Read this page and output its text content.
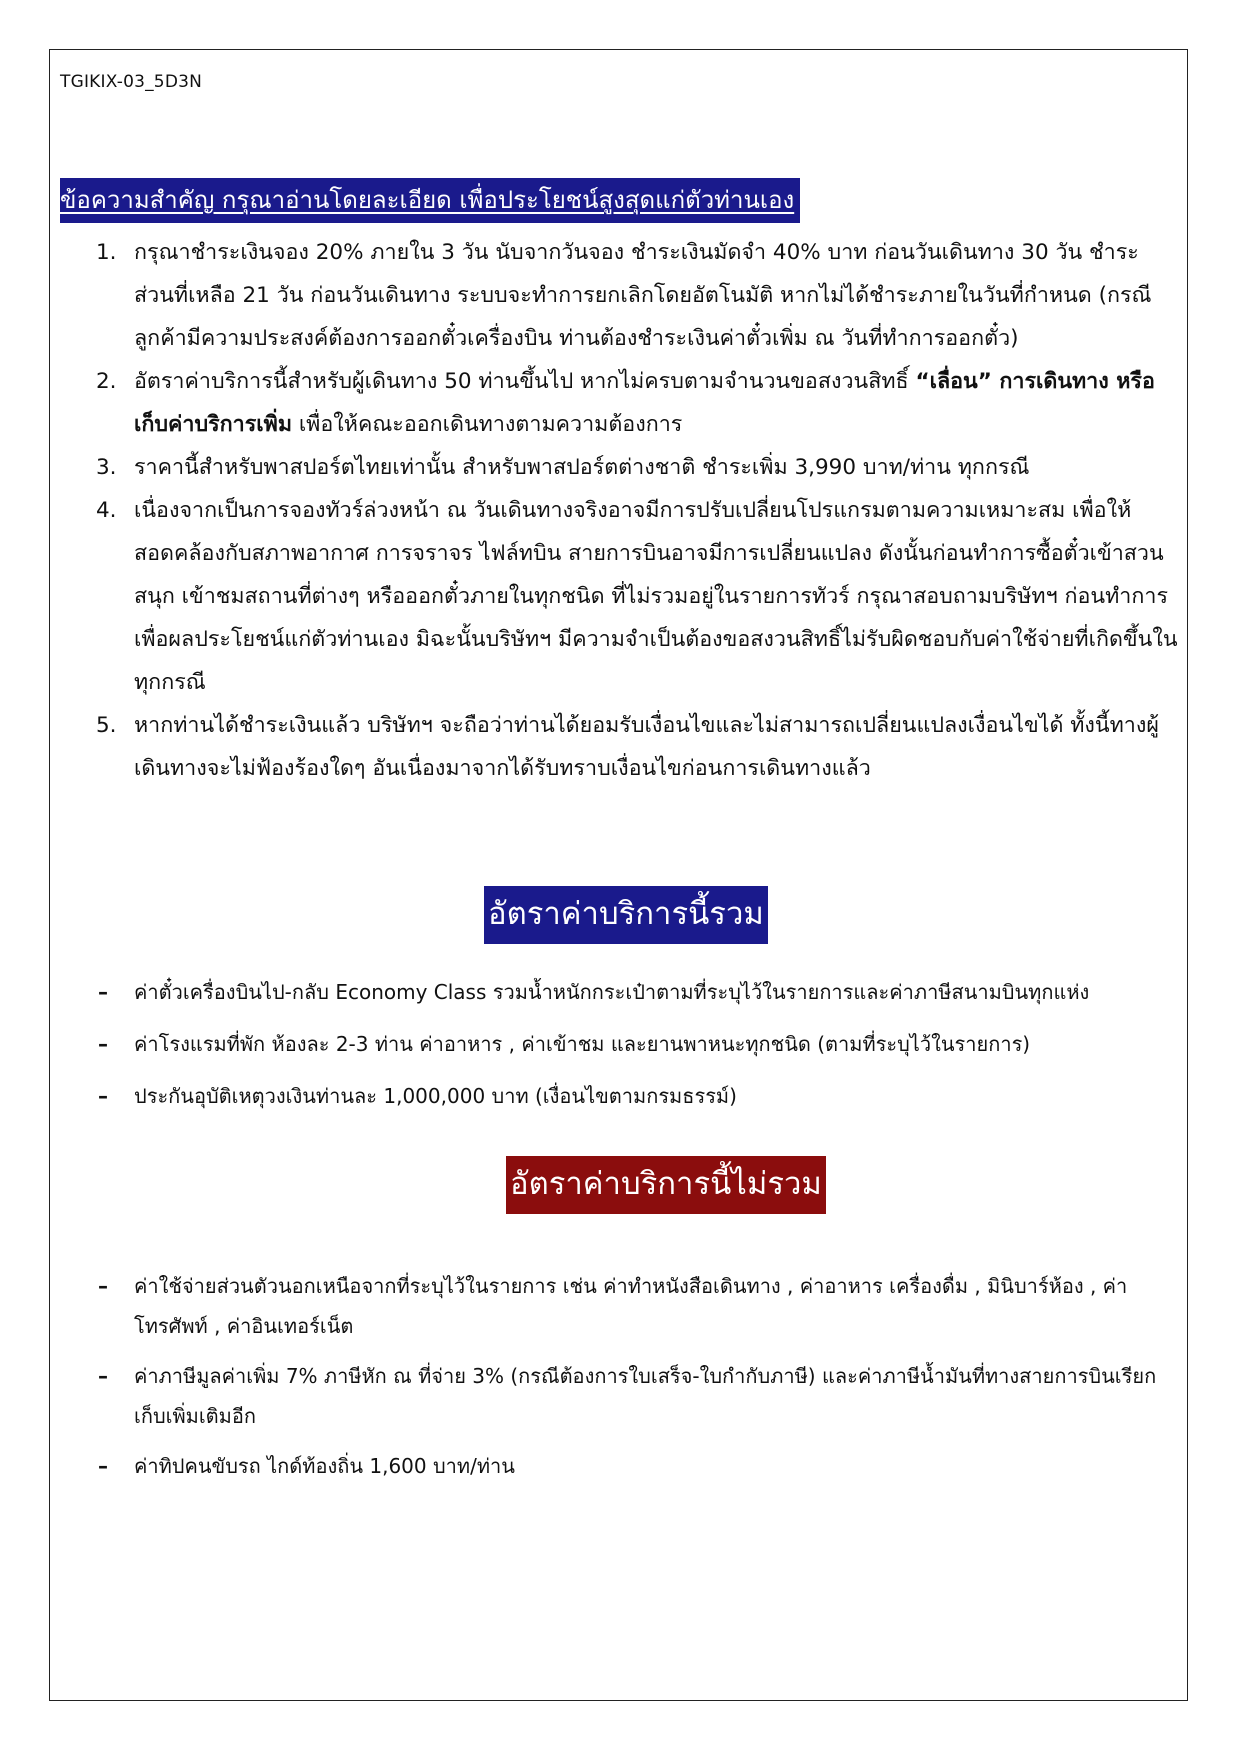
TGIKIX-03_5D3N
ข้อความสำคัญ กรุณาอ่านโดยละเอียด เพื่อประโยชน์สูงสุดแก่ตัวท่านเอง
1. กรุณาชำระเงินจอง 20% ภายใน 3 วัน นับจากวันจอง ชำระเงินมัดจำ 40% บาท ก่อนวันเดินทาง 30 วัน ชำระส่วนที่เหลือ 21 วัน ก่อนวันเดินทาง ระบบจะทำการยกเลิกโดยอัตโนมัติ หากไม่ได้ชำระภายในวันที่กำหนด (กรณีลูกค้ามีความประสงค์ต้องการออกตั๋วเครื่องบิน ท่านต้องชำระเงินค่าตั๋วเพิ่ม ณ วันที่ทำการออกตั๋ว)
2. อัตราค่าบริการนี้สำหรับผู้เดินทาง 50 ท่านขึ้นไป หากไม่ครบตามจำนวนขอสงวนสิทธิ์ “เลื่อน” การเดินทาง หรือ เก็บค่าบริการเพิ่ม เพื่อให้คณะออกเดินทางตามความต้องการ
3. ราคานี้สำหรับพาสปอร์ตไทยเท่านั้น สำหรับพาสปอร์ตต่างชาติ ชำระเพิ่ม 3,990 บาท/ท่าน ทุกกรณี
4. เนื่องจากเป็นการจองทัวร์ล่วงหน้า ณ วันเดินทางจริงอาจมีการปรับเปลี่ยนโปรแกรมตามความเหมาะสม เพื่อให้สอดคล้องกับสภาพอากาศ การจราจร ไฟล์ทบิน สายการบินอาจมีการเปลี่ยนแปลง ดังนั้นก่อนทำการซื้อตั๋วเข้าสวนสนุก เข้าชมสถานที่ต่างๆ หรือออกตั๋วภายในทุกชนิด ที่ไม่รวมอยู่ในรายการทัวร์ กรุณาสอบถามบริษัทฯ ก่อนทำการ เพื่อผลประโยชน์แก่ตัวท่านเอง มิฉะนั้นบริษัทฯ มีความจำเป็นต้องขอสงวนสิทธิ์ไม่รับผิดชอบกับค่าใช้จ่ายที่เกิดขึ้นในทุกกรณี
5. หากท่านได้ชำระเงินแล้ว บริษัทฯ จะถือว่าท่านได้ยอมรับเงื่อนไขและไม่สามารถเปลี่ยนแปลงเงื่อนไขได้ ทั้งนี้ทางผู้เดินทางจะไม่ฟ้องร้องใดๆ อันเนื่องมาจากได้รับทราบเงื่อนไขก่อนการเดินทางแล้ว
อัตราค่าบริการนี้รวม
– ค่าตั๋วเครื่องบินไป-กลับ Economy Class รวมน้ำหนักกระเป๋าตามที่ระบุไว้ในรายการและค่าภาษีสนามบินทุกแห่ง
– ค่าโรงแรมที่พัก ห้องละ 2-3 ท่าน ค่าอาหาร , ค่าเข้าชม และยานพาหนะทุกชนิด (ตามที่ระบุไว้ในรายการ)
– ประกันอุบัติเหตุวงเงินท่านละ 1,000,000 บาท (เงื่อนไขตามกรมธรรม์)
อัตราค่าบริการนี้ไม่รวม
– ค่าใช้จ่ายส่วนตัวนอกเหนือจากที่ระบุไว้ในรายการ เช่น ค่าทำหนังสือเดินทาง , ค่าอาหาร เครื่องดื่ม , มินิบาร์ห้อง , ค่าโทรศัพท์ , ค่าอินเทอร์เน็ต
– ค่าภาษีมูลค่าเพิ่ม 7% ภาษีหัก ณ ที่จ่าย 3% (กรณีต้องการใบเสร็จ-ใบกำกับภาษี) และค่าภาษีน้ำมันที่ทางสายการบินเรียกเก็บเพิ่มเติมอีก
– ค่าทิปคนขับรถ ไกด์ท้องถิ่น 1,600 บาท/ท่าน
